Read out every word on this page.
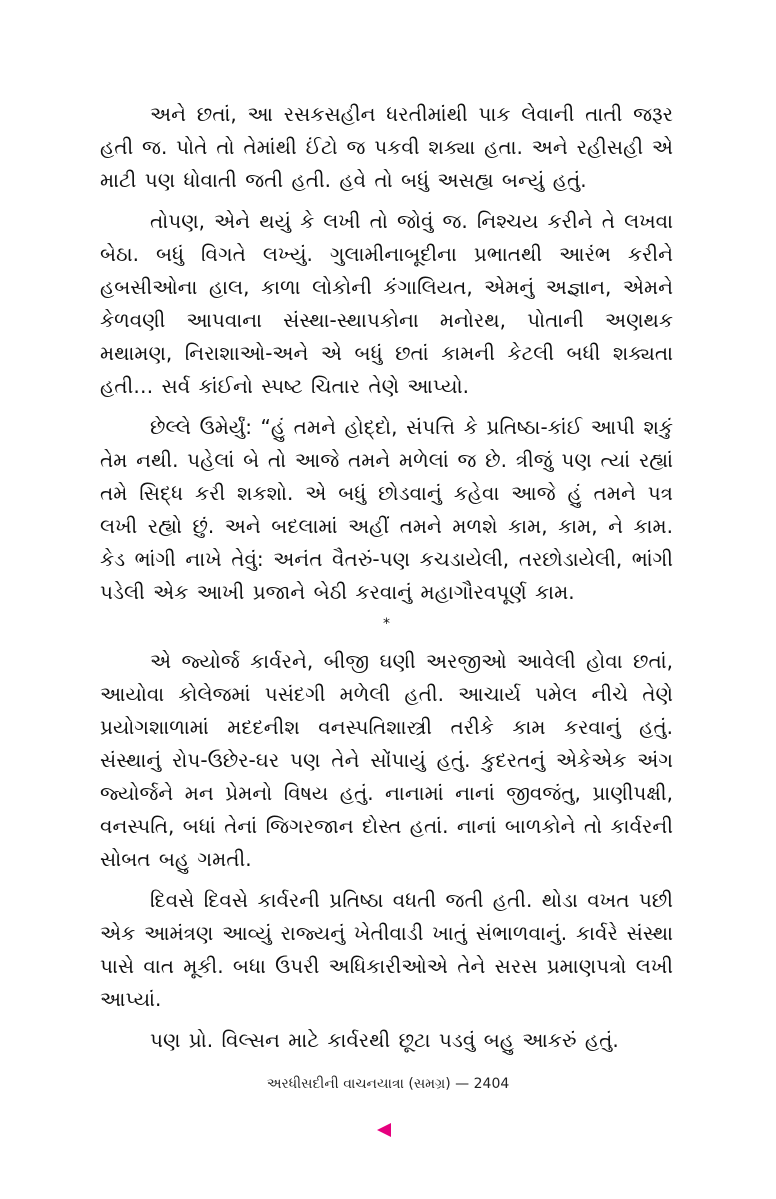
અને છતાં, આ રસકસહીન ધરતીમાંથી પાક લેવાની તાતી જરૂર હતી જ. પોતે તો તેમાંથી ઈંટો જ પકવી શક્યા હતા. અને રહીસહી એ માટી પણ ધોવાતી જતી હતી. હવે તો બધું અસહ્ય બન્યું હતું.

તોપણ, એને થયું કે લખી તો જોવું જ. નિશ્ચય કરીને તે લખવા બેઠા. બધું વિગતે લખ્યું. ગુલામીનાબૂદીના પ્રભાતથી આરંભ કરીને હબસીઓના હાલ, કાળા લોકોની કંગાલિયત, એમનું અજ્ઞાન, એમને કેળવણી આપવાના સંસ્થા-સ્થાપકોના મનોરથ, પોતાની અણથક મથામણ, નિરાશાઓ-અને એ બધું છતાં કામની કેટલી બધી શક્યતા હતી… સર્વ કાંઈનો સ્પષ્ટ ચિતાર તેણે આપ્યો.

છેલ્લે ઉમેર્યું: “હું તમને હોદ્દો, સંપત્તિ કે પ્રતિષ્ઠા-કાંઈ આપી શકું તેમ નથી. પહેલાં બે તો આજે તમને મળેલાં જ છે. ત્રીજું પણ ત્યાં રહ્યાં તમે સિદ્ધ કરી શકશો. એ બધું છોડવાનું કહેવા આજે હું તમને પત્ર લખી રહ્યો છું. અને બદલામાં અહીં તમને મળશે કામ, કામ, ને કામ. કેડ ભાંગી નાખે તેવું: અનંત વૈતરું-પણ કચડાયેલી, તરછોડાયેલી, ભાંગી પડેલી એક આખી પ્રજાને બેઠી કરવાનું મહાગૌરવપૂર્ણ કામ.

*

એ જ્યોર્જ કાર્વરને, બીજી ઘણી અરજીઓ આવેલી હોવા છતાં, આયોવા કોલેજમાં પસંદગી મળેલી હતી. આચાર્ય પમેલ નીચે તેણે પ્રયોગશાળામાં મદદનીશ વનસ્પતિશાસ્ત્રી તરીકે કામ કરવાનું હતું. સંસ્થાનું રોપ-ઉછેર-ઘર પણ તેને સોંપાયું હતું. કુદરતનું એકેએક અંગ જ્યોર્જને મન પ્રેમનો વિષય હતું. નાનામાં નાનાં જીવજંતુ, પ્રાણીપક્ષી, વનસ્પતિ, બધાં તેનાં જિગરજાન દોસ્ત હતાં. નાનાં બાળકોને તો કાર્વરની સોબત બહુ ગમતી.

દિવસે દિવસે કાર્વરની પ્રતિષ્ઠા વધતી જતી હતી. થોડા વખત પછી એક આમંત્રણ આવ્યું રાજ્યનું ખેતીવાડી ખાતું સંભાળવાનું. કાર્વરે સંસ્થા પાસે વાત મૂકી. બધા ઉપરી અધિકારીઓએ તેને સરસ પ્રમાણપત્રો લખી આપ્યાં.

પણ પ્રો. વિલ્સન માટે કાર્વરથી છૂટા પડવું બહુ આકરું હતું.

અરધીસદીની વાચનયાત્રા (સમગ્ર) — 2404
